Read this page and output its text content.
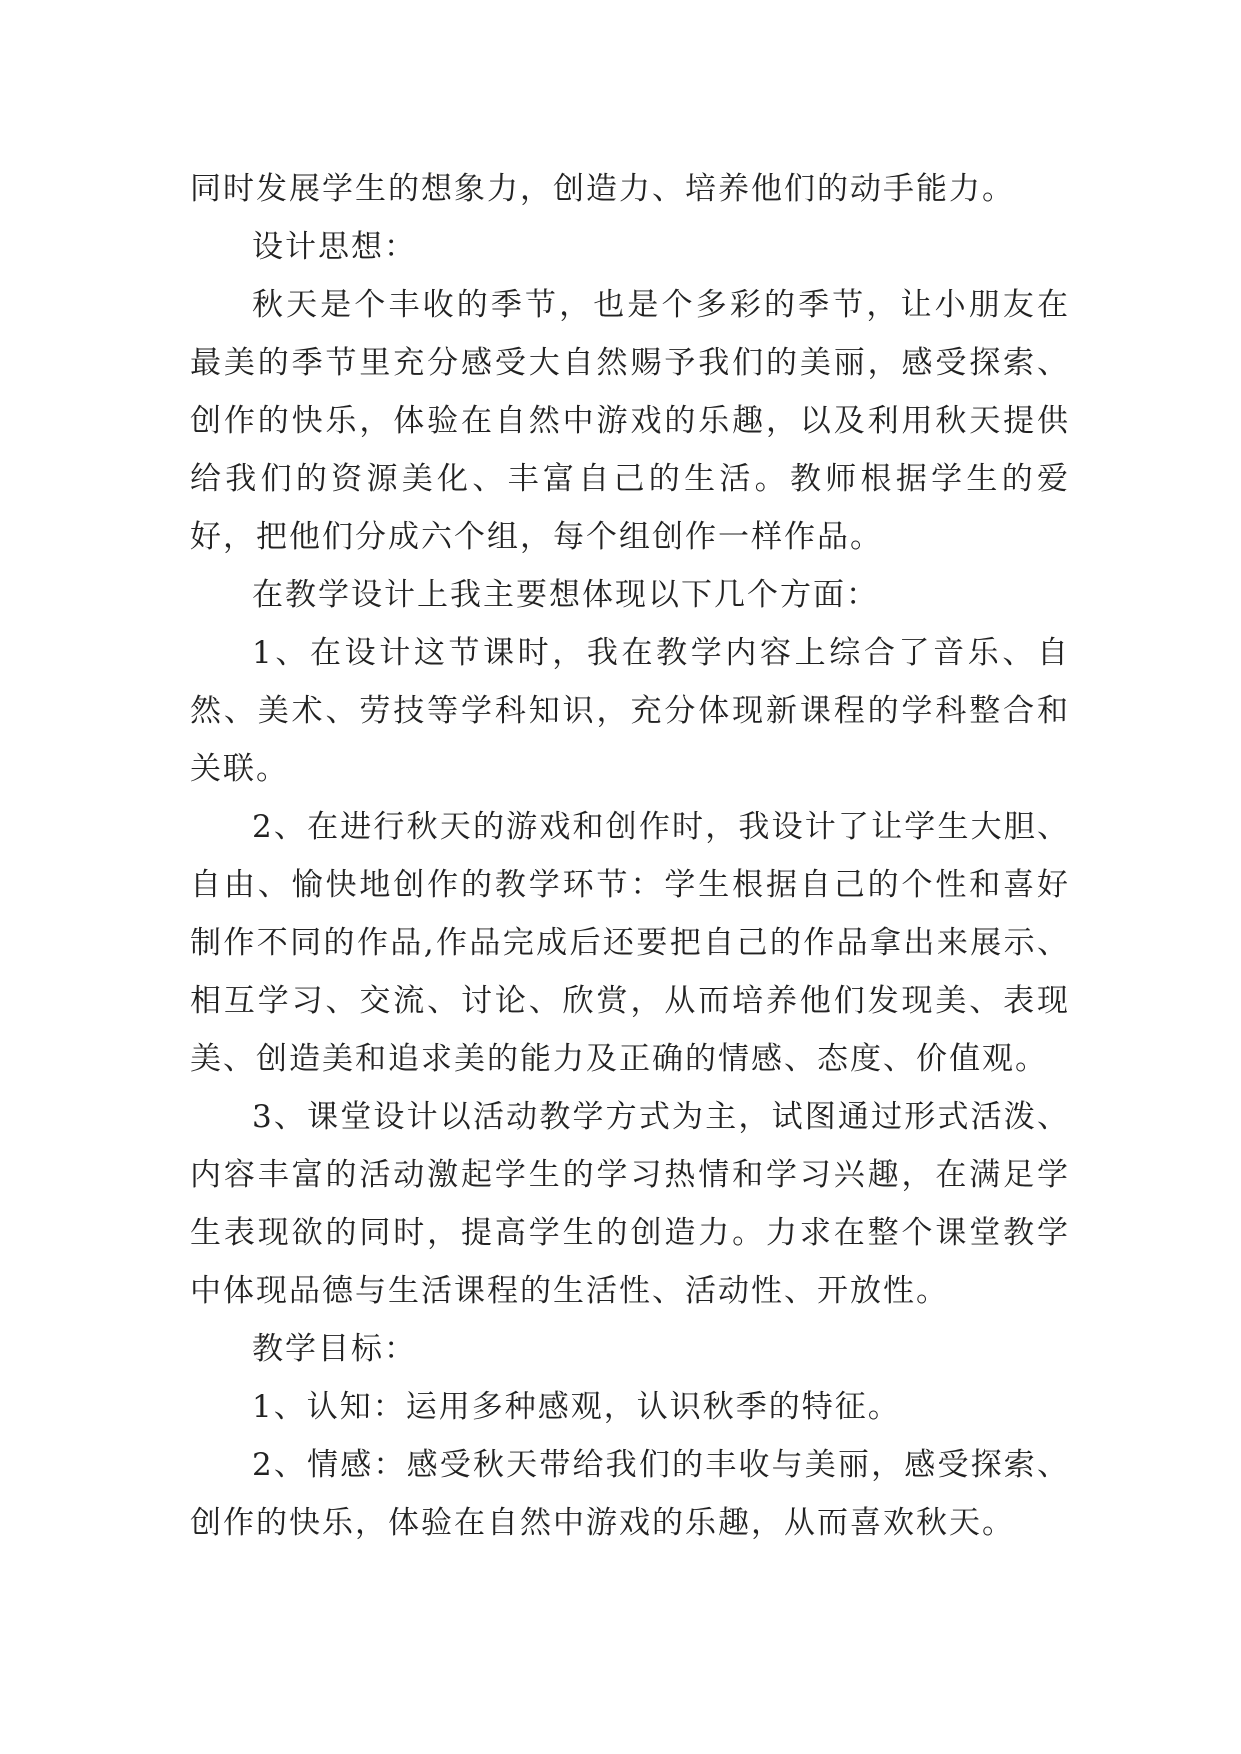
同时发展学生的想象力，创造力、培养他们的动手能力。

设计思想：

秋天是个丰收的季节，也是个多彩的季节，让小朋友在最美的季节里充分感受大自然赐予我们的美丽，感受探索、创作的快乐，体验在自然中游戏的乐趣，以及利用秋天提供给我们的资源美化、丰富自己的生活。教师根据学生的爱好，把他们分成六个组，每个组创作一样作品。

在教学设计上我主要想体现以下几个方面：

1、在设计这节课时，我在教学内容上综合了音乐、自然、美术、劳技等学科知识，充分体现新课程的学科整合和关联。

2、在进行秋天的游戏和创作时，我设计了让学生大胆、自由、愉快地创作的教学环节：学生根据自己的个性和喜好制作不同的作品,作品完成后还要把自己的作品拿出来展示、相互学习、交流、讨论、欣赏，从而培养他们发现美、表现美、创造美和追求美的能力及正确的情感、态度、价值观。

3、课堂设计以活动教学方式为主，试图通过形式活泼、内容丰富的活动激起学生的学习热情和学习兴趣，在满足学生表现欲的同时，提高学生的创造力。力求在整个课堂教学中体现品德与生活课程的生活性、活动性、开放性。

教学目标：

1、认知：运用多种感观，认识秋季的特征。

2、情感：感受秋天带给我们的丰收与美丽，感受探索、创作的快乐，体验在自然中游戏的乐趣，从而喜欢秋天。
